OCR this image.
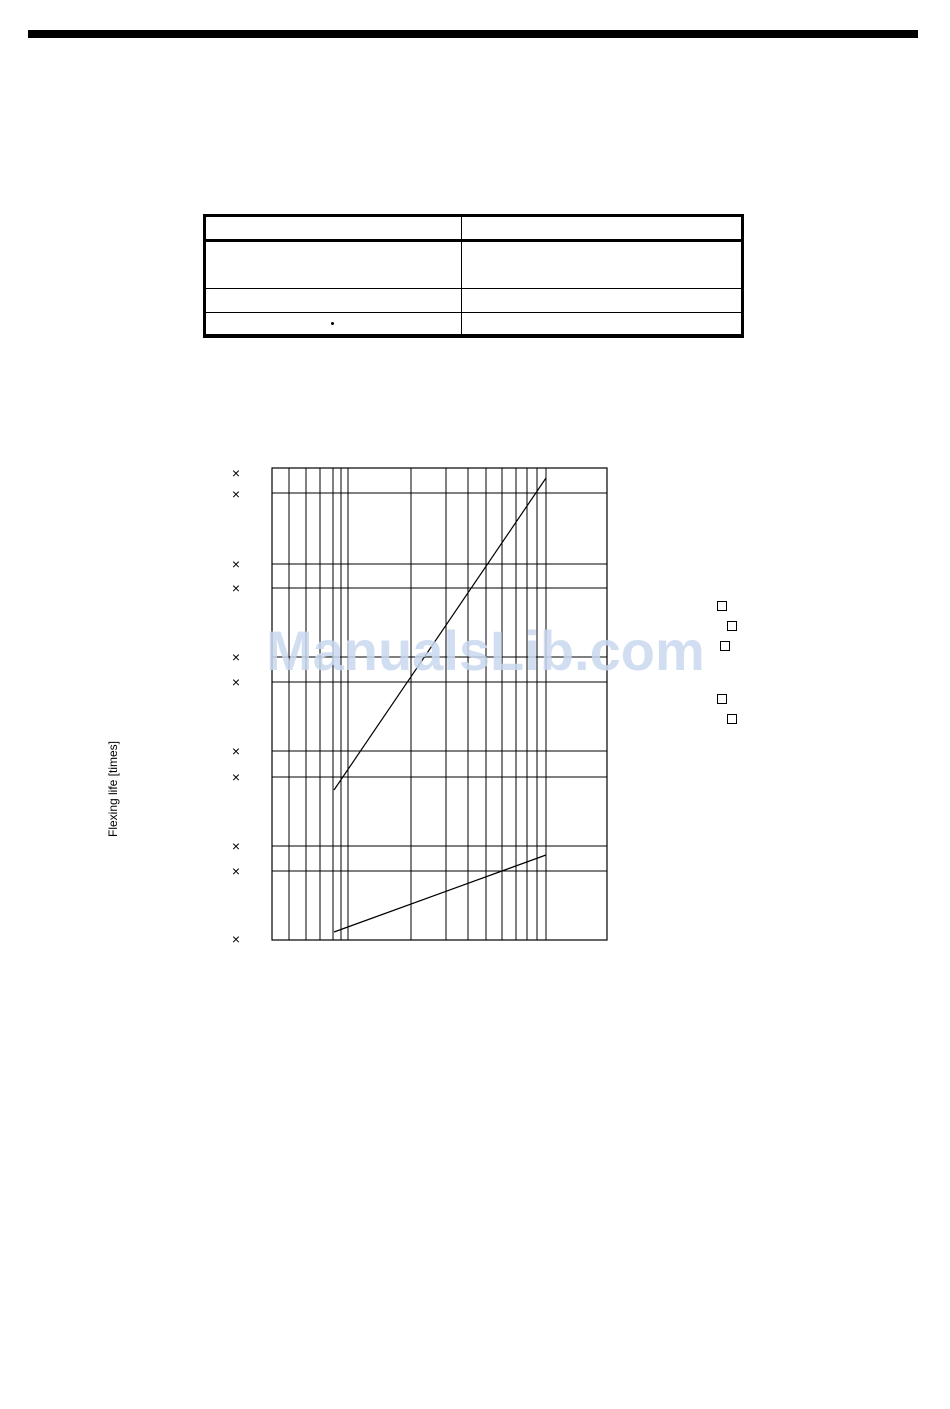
Flexing life [times]
×
×
×
×
×
×
×
×
×
×
×
ManualsLib.com
